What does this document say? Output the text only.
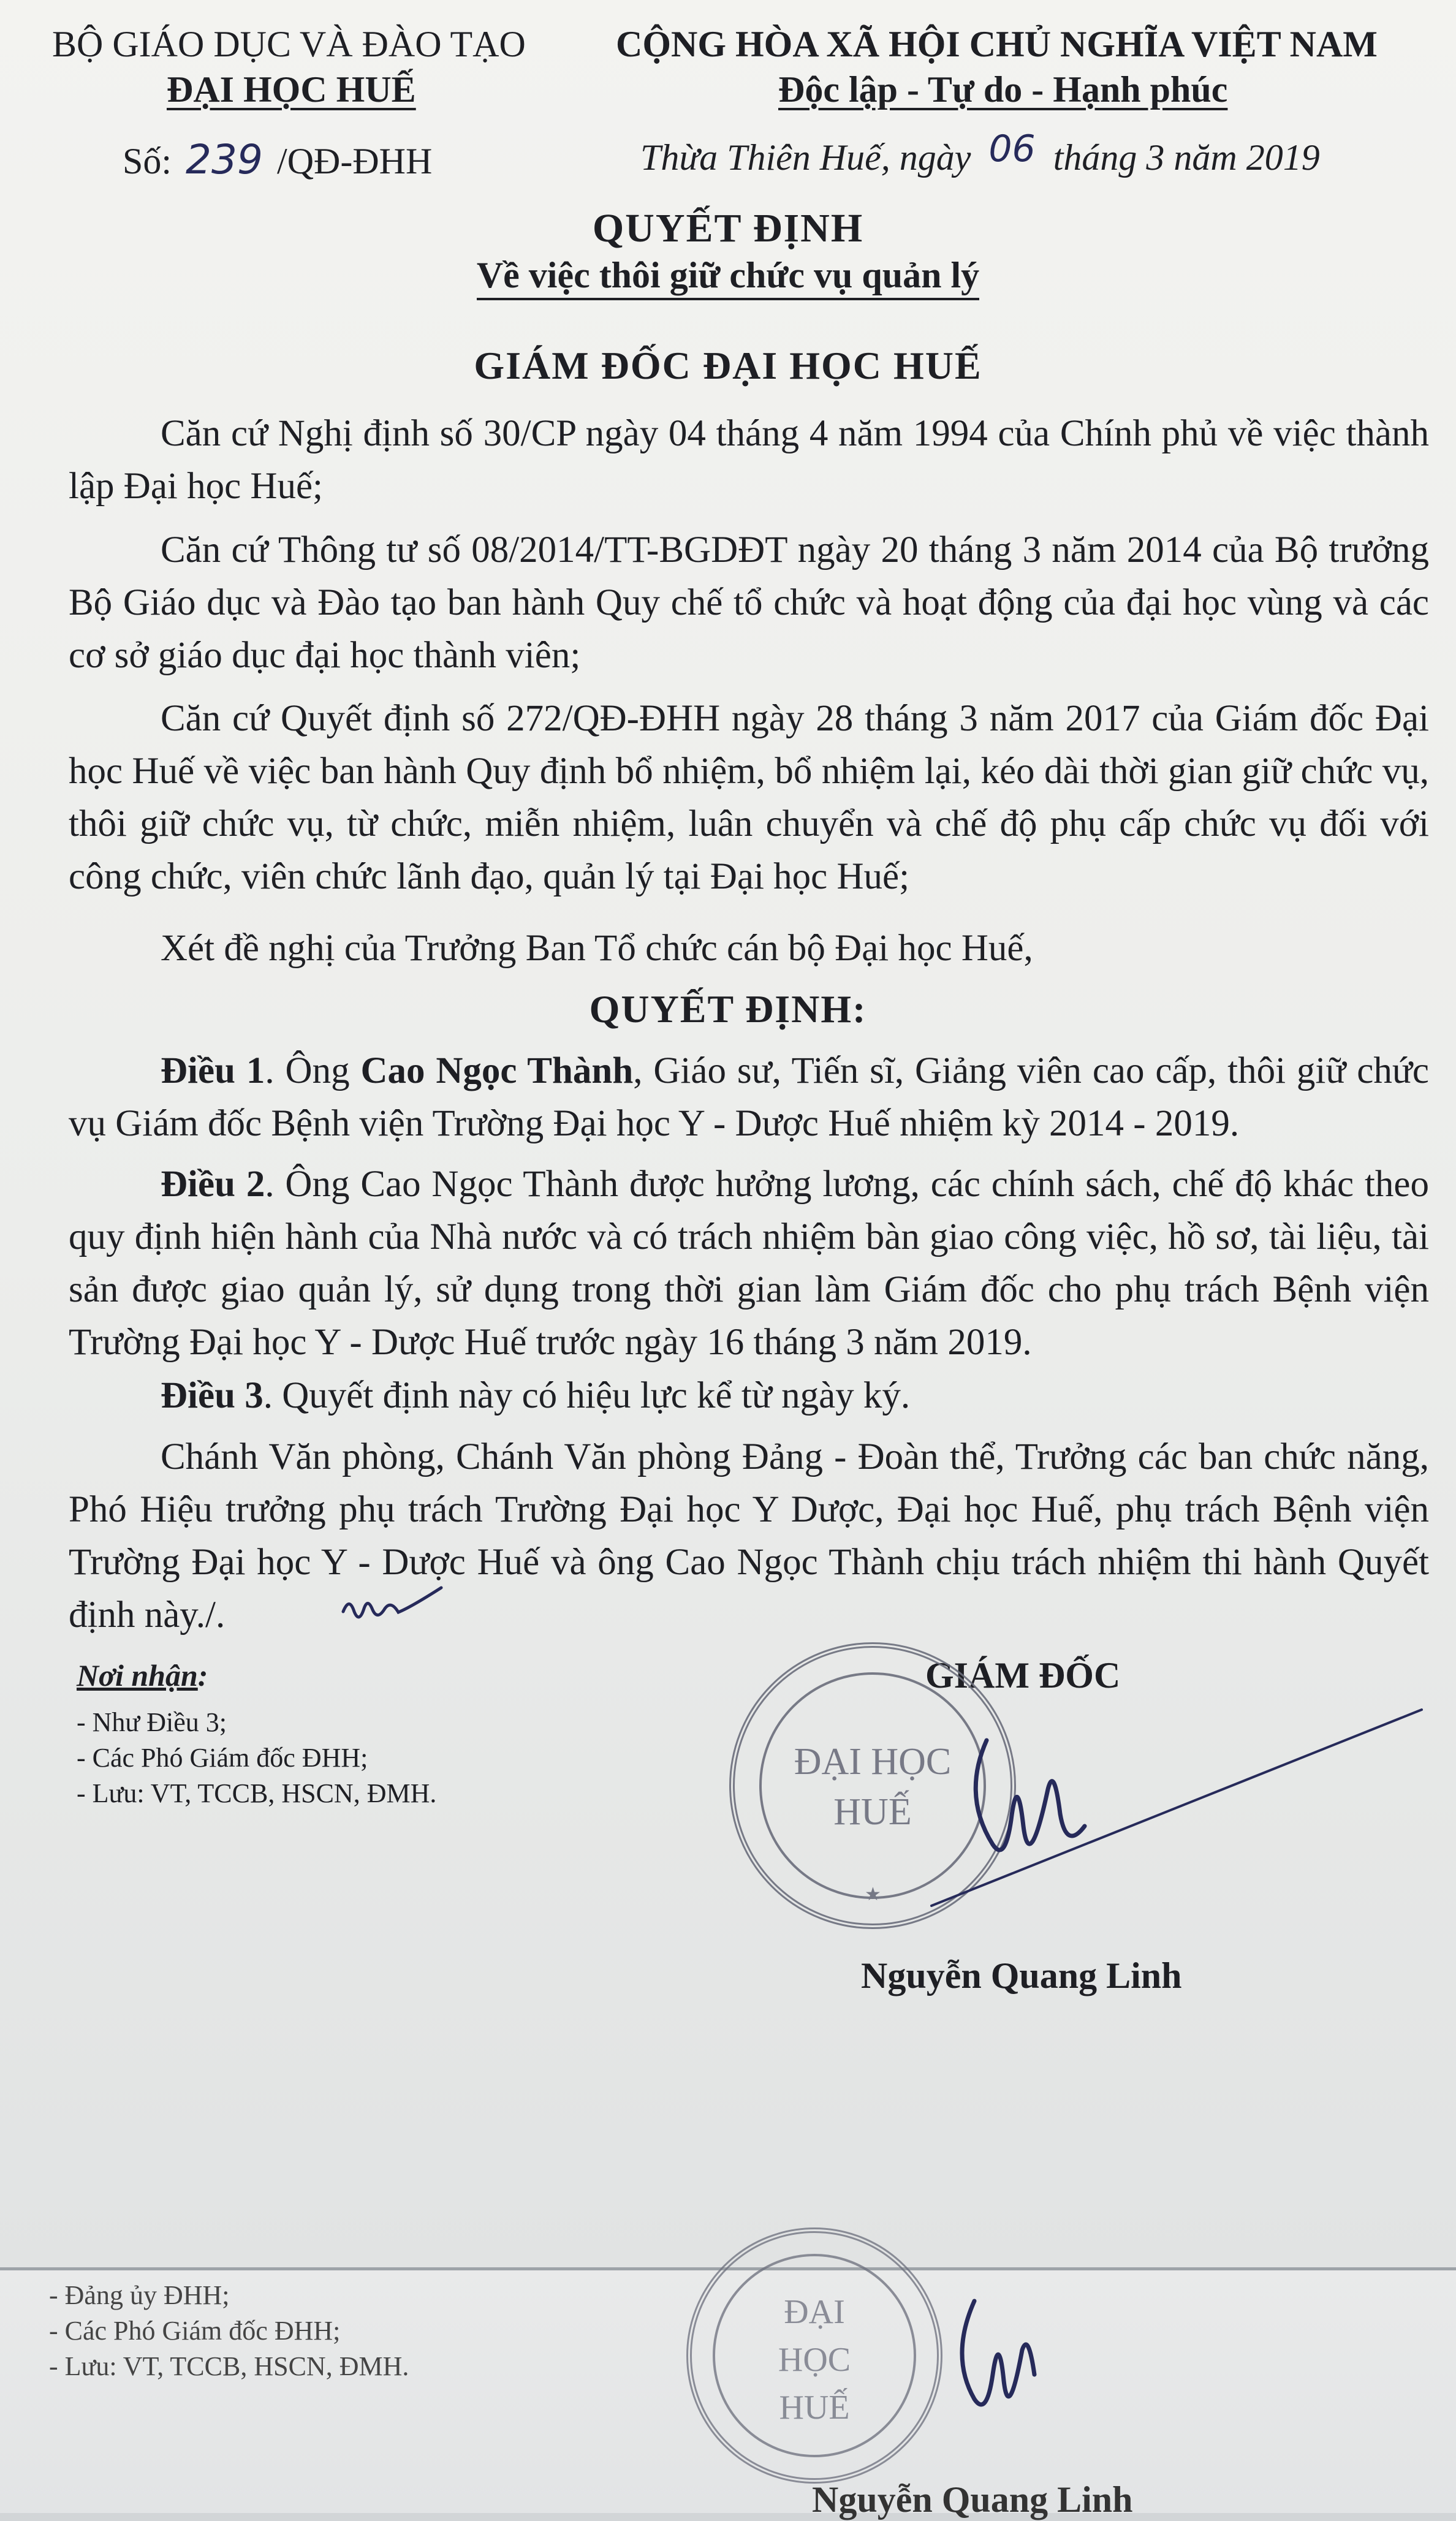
BỘ GIÁO DỤC VÀ ĐÀO TẠO
ĐẠI HỌC HUẾ
Số: 239 /QĐ-ĐHH
CỘNG HÒA XÃ HỘI CHỦ NGHĨA VIỆT NAM
Độc lập - Tự do - Hạnh phúc
Thừa Thiên Huế, ngày 06 tháng 3 năm 2019
QUYẾT ĐỊNH
Về việc thôi giữ chức vụ quản lý
GIÁM ĐỐC ĐẠI HỌC HUẾ
Căn cứ Nghị định số 30/CP ngày 04 tháng 4 năm 1994 của Chính phủ về việc thành lập Đại học Huế;
Căn cứ Thông tư số 08/2014/TT-BGDĐT ngày 20 tháng 3 năm 2014 của Bộ trưởng Bộ Giáo dục và Đào tạo ban hành Quy chế tổ chức và hoạt động của đại học vùng và các cơ sở giáo dục đại học thành viên;
Căn cứ Quyết định số 272/QĐ-ĐHH ngày 28 tháng 3 năm 2017 của Giám đốc Đại học Huế về việc ban hành Quy định bổ nhiệm, bổ nhiệm lại, kéo dài thời gian giữ chức vụ, thôi giữ chức vụ, từ chức, miễn nhiệm, luân chuyển và chế độ phụ cấp chức vụ đối với công chức, viên chức lãnh đạo, quản lý tại Đại học Huế;
Xét đề nghị của Trưởng Ban Tổ chức cán bộ Đại học Huế,
QUYẾT ĐỊNH:
Điều 1. Ông Cao Ngọc Thành, Giáo sư, Tiến sĩ, Giảng viên cao cấp, thôi giữ chức vụ Giám đốc Bệnh viện Trường Đại học Y - Dược Huế nhiệm kỳ 2014 - 2019.
Điều 2. Ông Cao Ngọc Thành được hưởng lương, các chính sách, chế độ khác theo quy định hiện hành của Nhà nước và có trách nhiệm bàn giao công việc, hồ sơ, tài liệu, tài sản được giao quản lý, sử dụng trong thời gian làm Giám đốc cho phụ trách Bệnh viện Trường Đại học Y - Dược Huế trước ngày 16 tháng 3 năm 2019.
Điều 3. Quyết định này có hiệu lực kể từ ngày ký.
Chánh Văn phòng, Chánh Văn phòng Đảng - Đoàn thể, Trưởng các ban chức năng, Phó Hiệu trưởng phụ trách Trường Đại học Y Dược, Đại học Huế, phụ trách Bệnh viện Trường Đại học Y - Dược Huế và ông Cao Ngọc Thành chịu trách nhiệm thi hành Quyết định này./.
Nơi nhận:
- Như Điều 3;
- Các Phó Giám đốc ĐHH;
- Lưu: VT, TCCB, HSCN, ĐMH.
GIÁM ĐỐC
ĐẠI HỌC HUẾ
★
Nguyễn Quang Linh
- Đảng ủy ĐHH;
- Các Phó Giám đốc ĐHH;
- Lưu: VT, TCCB, HSCN, ĐMH.
ĐẠI HỌC HUẾ
Nguyễn Quang Linh
